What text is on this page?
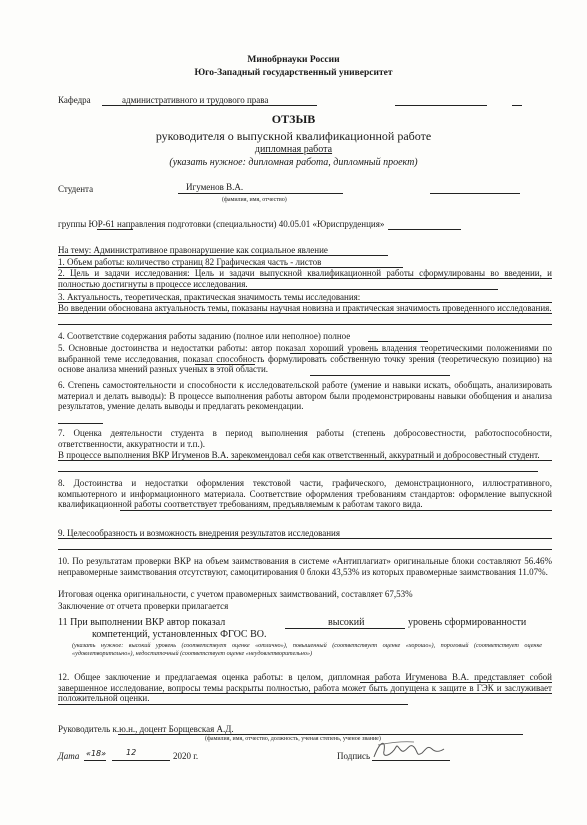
Минобрнауки России
Юго-Западный государственный университет
Кафедра	административного и трудового права
ОТЗЫВ
руководителя о выпускной квалификационной работе
дипломная работа
(указать нужное: дипломная работа, дипломный проект)
Студента	Игуменов В.А.
(фамилия, имя, отчество)
группы ЮР-61 направления подготовки (специальности) 40.05.01 «Юриспруденция»
На тему: Административное правонарушение как социальное явление
1. Объем работы: количество страниц 82 Графическая часть - листов
2. Цель и задачи исследования: Цель и задачи выпускной квалификационной работы сформулированы во введении, и полностью достигнуты в процессе исследования.
3. Актуальность, теоретическая, практическая значимость темы исследования:
Во введении обоснована актуальность темы, показаны научная новизна и практическая значимость проведенного исследования.
4. Соответствие содержания работы заданию (полное или неполное) полное
5. Основные достоинства и недостатки работы: автор показал хороший уровень владения теоретическими положениями по выбранной теме исследования, показал способность формулировать собственную точку зрения (теоретическую позицию) на основе анализа мнений разных ученых в этой области.
6. Степень самостоятельности и способности к исследовательской работе (умение и навыки искать, обобщать, анализировать материал и делать выводы): В процессе выполнения работы автором были продемонстрированы навыки обобщения и анализа результатов, умение делать выводы и предлагать рекомендации.
7. Оценка деятельности студента в период выполнения работы (степень добросовестности, работоспособности, ответственности, аккуратности и т.п.).
В процессе выполнения ВКР Игуменов В.А. зарекомендовал себя как ответственный, аккуратный и добросовестный студент.
8. Достоинства и недостатки оформления текстовой части, графического, демонстрационного, иллюстративного, компьютерного и информационного материала. Соответствие оформления требованиям стандартов: оформление выпускной квалификационной работы соответствует требованиям, предъявляемым к работам такого вида.
9. Целесообразность и возможность внедрения результатов исследования
10. По результатам проверки ВКР на объем заимствования в системе «Антиплагиат» оригинальные блоки составляют 56.46% неправомерные заимствования отсутствуют, самоцитирования 0 блоки 43,53% из которых правомерные заимствования 11.07%.
Итоговая оценка оригинальности, с учетом правомерных заимствований, составляет 67,53%
Заключение от отчета проверки прилагается
11 При выполнении ВКР автор показал	высокий	уровень сформированности
компетенций, установленных ФГОС ВО.
(указать нужное: высокий уровень (соответствует оценке «отлично»), повышенный (соответствует оценке «хорошо»), пороговый (соответствует оценке «удовлетворительно»), недостаточный (соответствует оценке «неудовлетворительно»)
12. Общее заключение и предлагаемая оценка работы: в целом, дипломная работа Игуменова В.А. представляет собой завершенное исследование, вопросы темы раскрыты полностью, работа может быть допущена к защите в ГЭК и заслуживает положительной оценки.
Руководитель к.ю.н., доцент Борщевская А.Д.
(фамилия, имя, отчество, должность, ученая степень, ученое звание)
Дата «18» 12	2020 г.	Подпись
